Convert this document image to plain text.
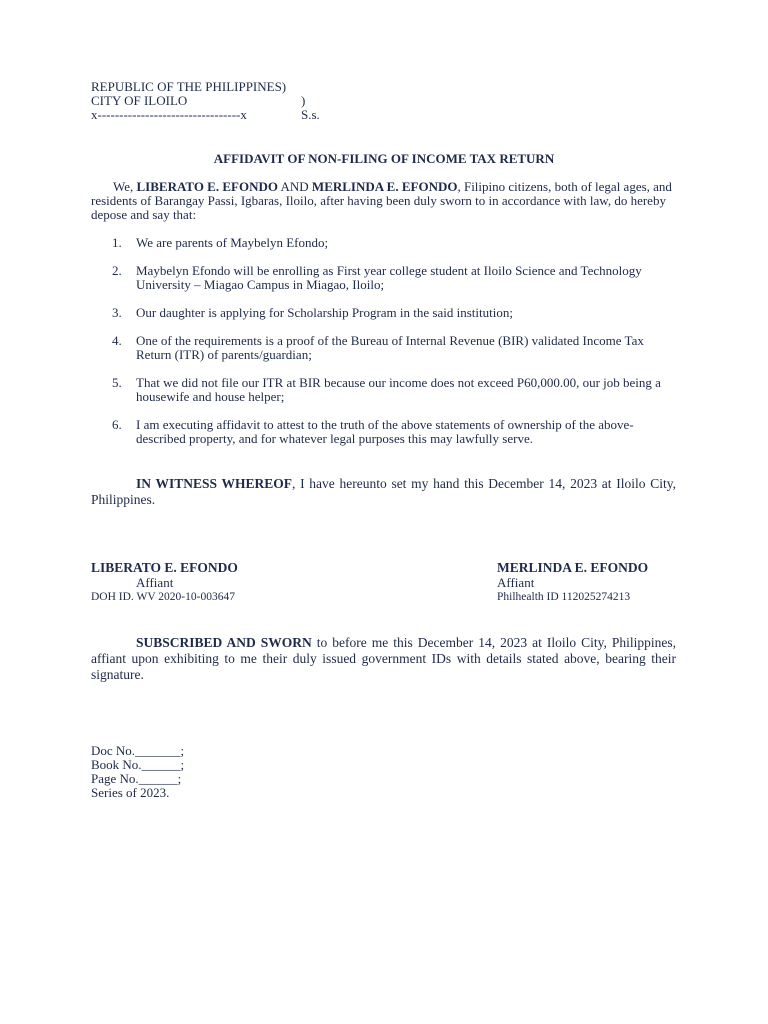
REPUBLIC OF THE PHILIPPINES)
CITY OF ILOILO	) S.s.
x---------------------------------x
AFFIDAVIT OF NON-FILING OF INCOME TAX RETURN
We, LIBERATO E. EFONDO AND MERLINDA E. EFONDO, Filipino citizens, both of legal ages, and residents of Barangay Passi, Igbaras, Iloilo, after having been duly sworn to in accordance with law, do hereby depose and say that:
1. We are parents of Maybelyn Efondo;
2. Maybelyn Efondo will be enrolling as First year college student at Iloilo Science and Technology University – Miagao Campus in Miagao, Iloilo;
3. Our daughter is applying for Scholarship Program in the said institution;
4. One of the requirements is a proof of the Bureau of Internal Revenue (BIR) validated Income Tax Return (ITR) of parents/guardian;
5. That we did not file our ITR at BIR because our income does not exceed P60,000.00, our job being a housewife and house helper;
6. I am executing affidavit to attest to the truth of the above statements of ownership of the above-described property, and for whatever legal purposes this may lawfully serve.
IN WITNESS WHEREOF, I have hereunto set my hand this December 14, 2023 at Iloilo City, Philippines.
LIBERATO E. EFONDO
Affiant
DOH ID. WV 2020-10-003647
MERLINDA E. EFONDO
Affiant
Philhealth ID 112025274213
SUBSCRIBED AND SWORN to before me this December 14, 2023 at Iloilo City, Philippines, affiant upon exhibiting to me their duly issued government IDs with details stated above, bearing their signature.
Doc No._______;
Book No.______;
Page No.______;
Series of 2023.
